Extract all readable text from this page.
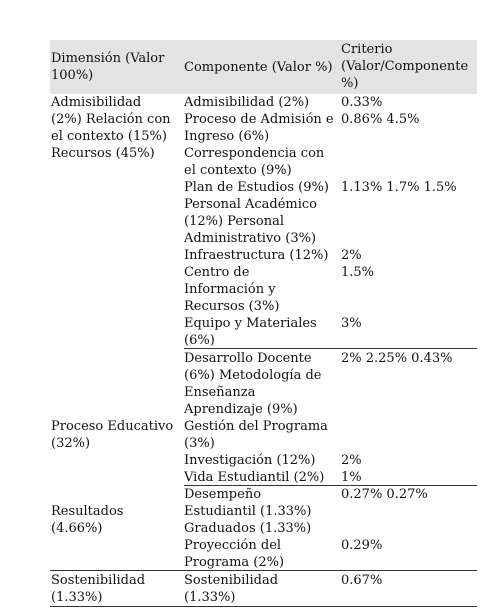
Dimensión (Valor
100%)
Componente (Valor %)
Criterio
(Valor/Componente
%)
Admisibilidad
(2%) Relación con
el contexto (15%)
Recursos (45%)
Admisibilidad (2%)
Proceso de Admisión e
Ingreso (6%)
Correspondencia con
el contexto (9%)
Plan de Estudios (9%)
Personal Académico
(12%) Personal
Administrativo (3%)
Infraestructura (12%)
Centro de
Información y
Recursos (3%)
Equipo y Materiales
(6%)
0.33%
0.86% 4.5%
1.13% 1.7% 1.5%
2%
1.5%
3%
Desarrollo Docente
(6%) Metodología de
Enseñanza
Aprendizaje (9%)
Gestión del Programa
(3%)
Proceso Educativo
(32%)
Investigación (12%)
Vida Estudiantil (2%)
2% 2.25% 0.43%
2%
1%
Desempeño
Estudiantil (1.33%)
Graduados (1.33%)
Resultados
(4.66%)
Proyección del
Programa (2%)
0.27% 0.27%
0.29%
Sostenibilidad
(1.33%)
Sostenibilidad
(1.33%)
0.67%
